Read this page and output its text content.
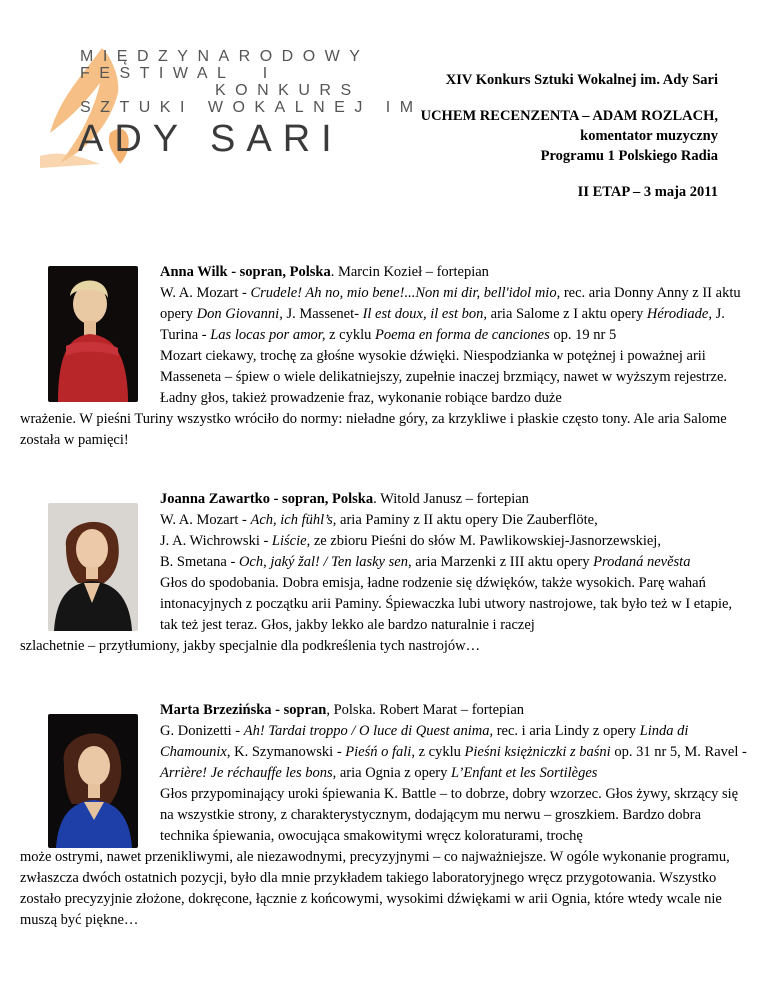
MIĘDZYNARODOWY
FESTIWAL  I
KONKURS
SZTUKI WOKALNEJ IM
ADY SARI
XIV Konkurs Sztuki Wokalnej im. Ady Sari
UCHEM RECENZENTA – ADAM ROZLACH,
komentator muzyczny
Programu 1 Polskiego Radia
II ETAP – 3 maja 2011

Anna Wilk - sopran, Polska. Marcin Kozieł – fortepian

W. A. Mozart - Crudele! Ah no, mio bene!...Non mi dir, bell'idol mio, rec. aria Donny Anny z II aktu opery Don Giovanni, J. Massenet- Il est doux, il est bon, aria Salome z I aktu opery Hérodiade, J. Turina - Las locas por amor, z cyklu Poema en forma de canciones op. 19 nr 5

Mozart ciekawy, trochę za głośne wysokie dźwięki. Niespodzianka w potężnej i poważnej arii Masseneta – śpiew o wiele delikatniejszy, zupełnie inaczej brzmiący, nawet w wyższym rejestrze. Ładny głos, takież prowadzenie fraz, wykonanie robiące bardzo duże

wrażenie. W pieśni Turiny wszystko wróciło do normy: nieładne góry, za krzykliwe i płaskie często tony. Ale aria Salome została w pamięci!

Joanna Zawartko - sopran, Polska. Witold Janusz – fortepian

W. A. Mozart - Ach, ich fühl’s, aria Paminy z II aktu opery Die Zauberflöte,
J. A. Wichrowski - Liście, ze zbioru Pieśni do słów M. Pawlikowskiej-Jasnorzewskiej,
B. Smetana - Och, jaký žal! / Ten lasky sen, aria Marzenki z III aktu opery Prodaná nevěsta

Głos do spodobania. Dobra emisja, ładne rodzenie się dźwięków, także wysokich. Parę wahań intonacyjnych z początku arii Paminy. Śpiewaczka lubi utwory nastrojowe, tak było też w I etapie, tak też jest teraz. Głos, jakby lekko ale bardzo naturalnie i raczej

szlachetnie – przytłumiony, jakby specjalnie dla podkreślenia tych nastrojów…

Marta Brzezińska - sopran, Polska. Robert Marat – fortepian

G. Donizetti - Ah! Tardai troppo / O luce di Quest anima, rec. i aria Lindy z opery Linda di Chamounix, K. Szymanowski - Pieśń o fali, z cyklu Pieśni księżniczki z baśni op. 31 nr 5, M. Ravel - Arrière! Je réchauffe les bons, aria Ognia z opery L’Enfant et les Sortilèges

Głos przypominający uroki śpiewania K. Battle – to dobrze, dobry wzorzec. Głos żywy, skrzący się na wszystkie strony, z charakterystycznym, dodającym mu nerwu – groszkiem. Bardzo dobra technika śpiewania, owocująca smakowitymi wręcz koloraturami, trochę

może ostrymi, nawet przenikliwymi, ale niezawodnymi, precyzyjnymi – co najważniejsze. W ogóle wykonanie programu, zwłaszcza dwóch ostatnich pozycji, było dla mnie przykładem takiego laboratoryjnego wręcz przygotowania. Wszystko zostało precyzyjnie złożone, dokręcone, łącznie z końcowymi, wysokimi dźwiękami w arii Ognia, które wtedy wcale nie muszą być piękne…
